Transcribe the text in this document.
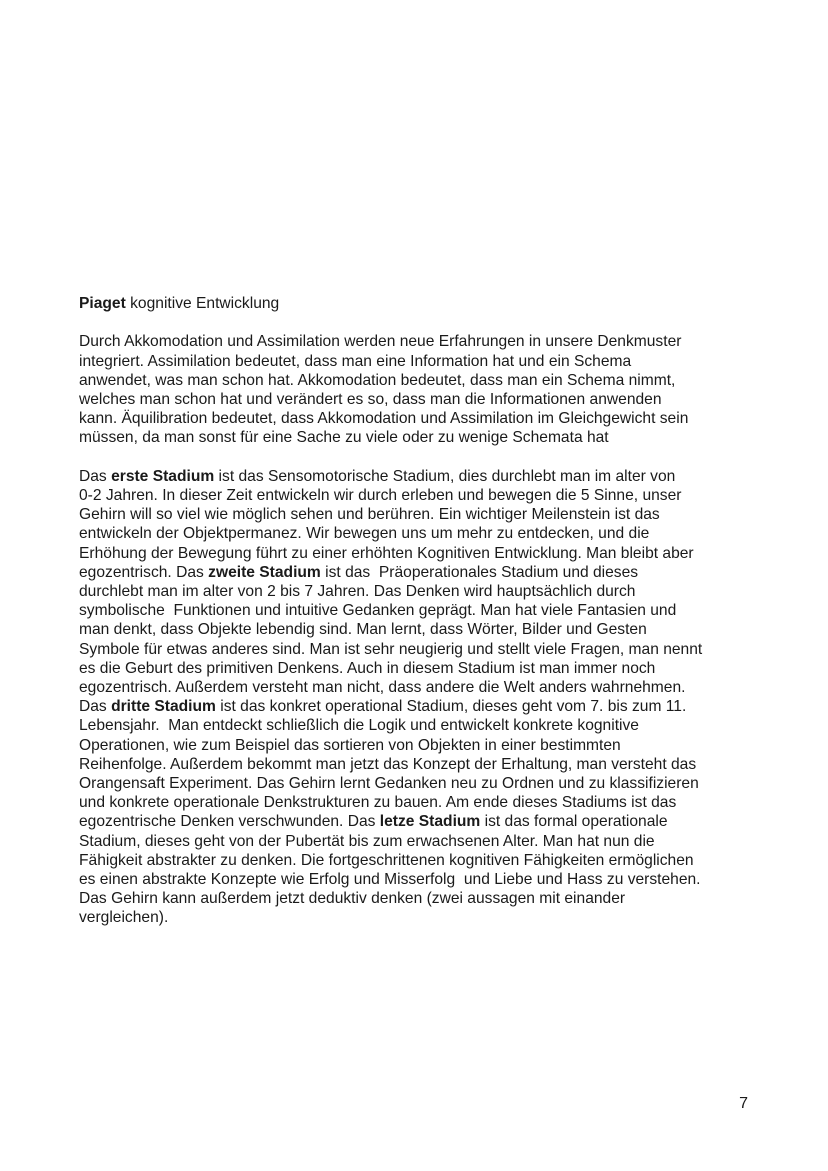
Piaget kognitive Entwicklung

Durch Akkomodation und Assimilation werden neue Erfahrungen in unsere Denkmuster
integriert. Assimilation bedeutet, dass man eine Information hat und ein Schema
anwendet, was man schon hat. Akkomodation bedeutet, dass man ein Schema nimmt,
welches man schon hat und verändert es so, dass man die Informationen anwenden
kann. Äquilibration bedeutet, dass Akkomodation und Assimilation im Gleichgewicht sein
müssen, da man sonst für eine Sache zu viele oder zu wenige Schemata hat

Das erste Stadium ist das Sensomotorische Stadium, dies durchlebt man im alter von
0-2 Jahren. In dieser Zeit entwickeln wir durch erleben und bewegen die 5 Sinne, unser
Gehirn will so viel wie möglich sehen und berühren. Ein wichtiger Meilenstein ist das
entwickeln der Objektpermanez. Wir bewegen uns um mehr zu entdecken, und die
Erhöhung der Bewegung führt zu einer erhöhten Kognitiven Entwicklung. Man bleibt aber
egozentrisch. Das zweite Stadium ist das  Präoperationales Stadium und dieses
durchlebt man im alter von 2 bis 7 Jahren. Das Denken wird hauptsächlich durch
symbolische  Funktionen und intuitive Gedanken geprägt. Man hat viele Fantasien und
man denkt, dass Objekte lebendig sind. Man lernt, dass Wörter, Bilder und Gesten
Symbole für etwas anderes sind. Man ist sehr neugierig und stellt viele Fragen, man nennt
es die Geburt des primitiven Denkens. Auch in diesem Stadium ist man immer noch
egozentrisch. Außerdem versteht man nicht, dass andere die Welt anders wahrnehmen.
Das dritte Stadium ist das konkret operational Stadium, dieses geht vom 7. bis zum 11.
Lebensjahr.  Man entdeckt schließlich die Logik und entwickelt konkrete kognitive
Operationen, wie zum Beispiel das sortieren von Objekten in einer bestimmten
Reihenfolge. Außerdem bekommt man jetzt das Konzept der Erhaltung, man versteht das
Orangensaft Experiment. Das Gehirn lernt Gedanken neu zu Ordnen und zu klassifizieren
und konkrete operationale Denkstrukturen zu bauen. Am ende dieses Stadiums ist das
egozentrische Denken verschwunden. Das letze Stadium ist das formal operationale
Stadium, dieses geht von der Pubertät bis zum erwachsenen Alter. Man hat nun die
Fähigkeit abstrakter zu denken. Die fortgeschrittenen kognitiven Fähigkeiten ermöglichen
es einen abstrakte Konzepte wie Erfolg und Misserfolg  und Liebe und Hass zu verstehen.
Das Gehirn kann außerdem jetzt deduktiv denken (zwei aussagen mit einander
vergleichen).

7
